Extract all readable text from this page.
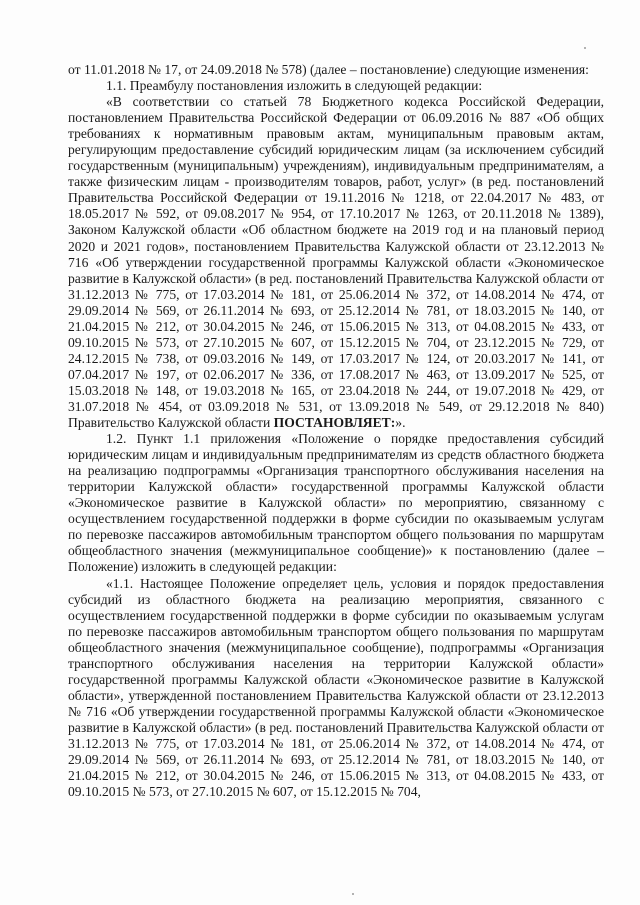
от 11.01.2018 № 17, от 24.09.2018 № 578) (далее – постановление) следующие изменения:

1.1. Преамбулу постановления изложить в следующей редакции:

«В соответствии со статьей 78 Бюджетного кодекса Российской Федерации, постановлением Правительства Российской Федерации от 06.09.2016 № 887 «Об общих требованиях к нормативным правовым актам, муниципальным правовым актам, регулирующим предоставление субсидий юридическим лицам (за исключением субсидий государственным (муниципальным) учреждениям), индивидуальным предпринимателям, а также физическим лицам - производителям товаров, работ, услуг» (в ред. постановлений Правительства Российской Федерации от 19.11.2016 № 1218, от 22.04.2017 № 483, от 18.05.2017 № 592, от 09.08.2017 № 954, от 17.10.2017 № 1263, от 20.11.2018 № 1389), Законом Калужской области «Об областном бюджете на 2019 год и на плановый период 2020 и 2021 годов», постановлением Правительства Калужской области от 23.12.2013 № 716 «Об утверждении государственной программы Калужской области «Экономическое развитие в Калужской области» (в ред. постановлений Правительства Калужской области от 31.12.2013 № 775, от 17.03.2014 № 181, от 25.06.2014 № 372, от 14.08.2014 № 474, от 29.09.2014 № 569, от 26.11.2014 № 693, от 25.12.2014 № 781, от 18.03.2015 № 140, от 21.04.2015 № 212, от 30.04.2015 № 246, от 15.06.2015 № 313, от 04.08.2015 № 433, от 09.10.2015 № 573, от 27.10.2015 № 607, от 15.12.2015 № 704, от 23.12.2015 № 729, от 24.12.2015 № 738, от 09.03.2016 № 149, от 17.03.2017 № 124, от 20.03.2017 № 141, от 07.04.2017 № 197, от 02.06.2017 № 336, от 17.08.2017 № 463, от 13.09.2017 № 525, от 15.03.2018 № 148, от 19.03.2018 № 165, от 23.04.2018 № 244, от 19.07.2018 № 429, от 31.07.2018 № 454, от 03.09.2018 № 531, от 13.09.2018 № 549, от 29.12.2018 № 840) Правительство Калужской области ПОСТАНОВЛЯЕТ:».

1.2. Пункт 1.1 приложения «Положение о порядке предоставления субсидий юридическим лицам и индивидуальным предпринимателям из средств областного бюджета на реализацию подпрограммы «Организация транспортного обслуживания населения на территории Калужской области» государственной программы Калужской области «Экономическое развитие в Калужской области» по мероприятию, связанному с осуществлением государственной поддержки в форме субсидии по оказываемым услугам по перевозке пассажиров автомобильным транспортом общего пользования по маршрутам общеобластного значения (межмуниципальное сообщение)» к постановлению (далее – Положение) изложить в следующей редакции:

«1.1. Настоящее Положение определяет цель, условия и порядок предоставления субсидий из областного бюджета на реализацию мероприятия, связанного с осуществлением государственной поддержки в форме субсидии по оказываемым услугам по перевозке пассажиров автомобильным транспортом общего пользования по маршрутам общеобластного значения (межмуниципальное сообщение), подпрограммы «Организация транспортного обслуживания населения на территории Калужской области» государственной программы Калужской области «Экономическое развитие в Калужской области», утвержденной постановлением Правительства Калужской области от 23.12.2013 № 716 «Об утверждении государственной программы Калужской области «Экономическое развитие в Калужской области» (в ред. постановлений Правительства Калужской области от 31.12.2013 № 775, от 17.03.2014 № 181, от 25.06.2014 № 372, от 14.08.2014 № 474, от 29.09.2014 № 569, от 26.11.2014 № 693, от 25.12.2014 № 781, от 18.03.2015 № 140, от 21.04.2015 № 212, от 30.04.2015 № 246, от 15.06.2015 № 313, от 04.08.2015 № 433, от 09.10.2015 № 573, от 27.10.2015 № 607, от 15.12.2015 № 704,
